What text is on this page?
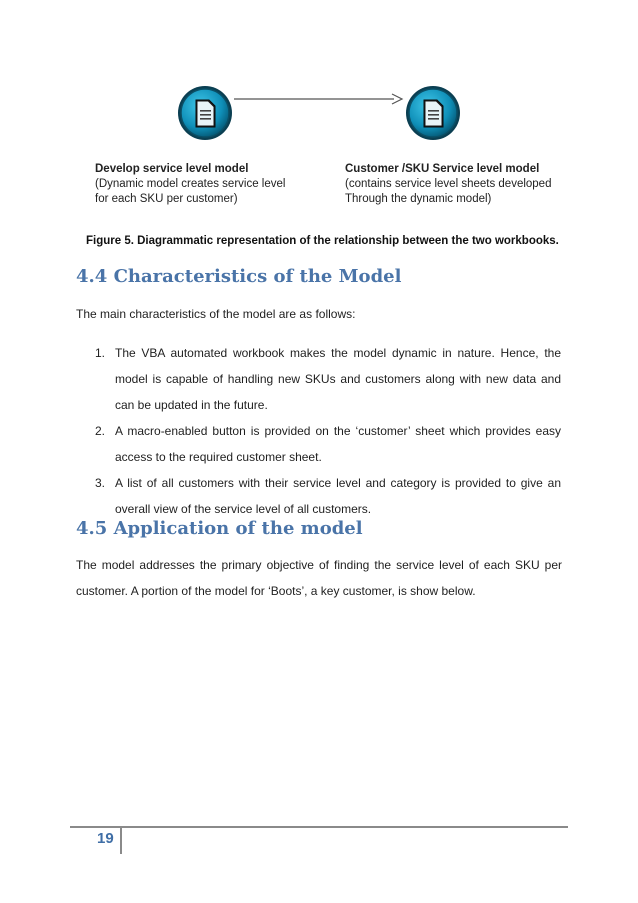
Develop service level model
(Dynamic model creates service level
for each SKU per customer)
Customer /SKU Service level model
(contains service level sheets developed
Through the dynamic model)
Figure 5. Diagrammatic representation of the relationship between the two workbooks.
4.4 Characteristics of the Model

The main characteristics of the model are as follows:

1. The VBA automated workbook makes the model dynamic in nature. Hence, the model is capable of handling new SKUs and customers along with new data and can be updated in the future.
2. A macro-enabled button is provided on the ‘customer’ sheet which provides easy access to the required customer sheet.
3. A list of all customers with their service level and category is provided to give an overall view of the service level of all customers.
4.5 Application of the model

The model addresses the primary objective of finding the service level of each SKU per customer. A portion of the model for ‘Boots’, a key customer, is show below.

19
